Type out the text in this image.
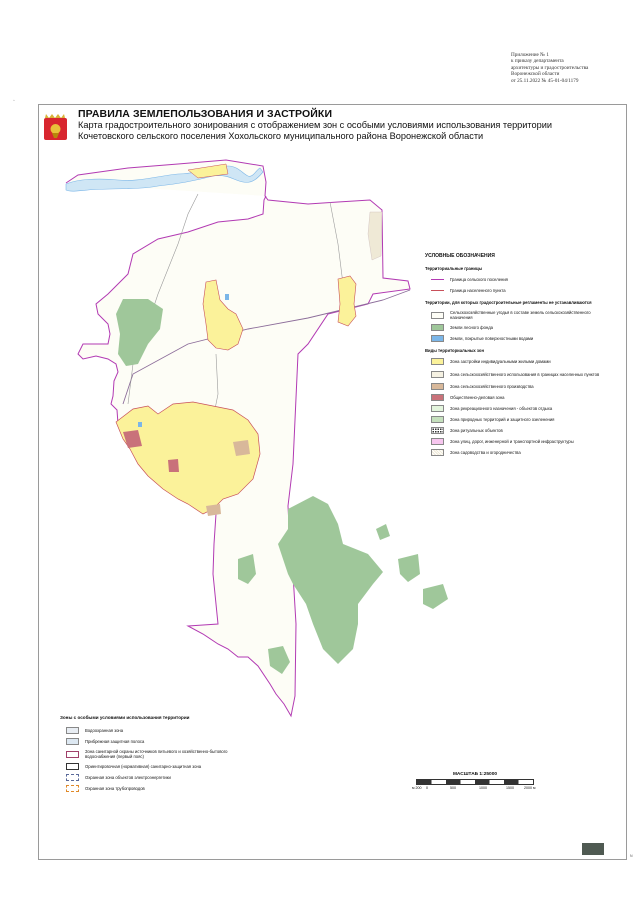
◦
Приложение № 1
к приказу департамента
архитектуры и градостроительства
Воронежской области
от 25.11.2022 № 45-01-04/1179
ПРАВИЛА ЗЕМЛЕПОЛЬЗОВАНИЯ И ЗАСТРОЙКИ
Карта градостроительного зонирования с отображением зон с особыми условиями использования территории
Кочетовского сельского поселения Хохольского муниципального района Воронежской области
УСЛОВНЫЕ ОБОЗНАЧЕНИЯ
Территориальные границы
Граница сельского поселения
Граница населенного пункта
Территории, для которых градостроительные регламенты не устанавливаются
Сельскохозяйственные угодья в составе земель сельскохозяйственного назначения
Земли лесного фонда
Земли, покрытые поверхностными водами
Виды территориальных зон
Зона застройки индивидуальными жилыми домами
Зона сельскохозяйственного использования в границах населенных пунктов
Зона сельскохозяйственного производства
Общественно-деловая зона
Зона рекреационного назначения - объектов отдыха
Зона природных территорий и защитного озеленения
Зона ритуальных объектов
Зона улиц, дорог, инженерной и транспортной инфраструктуры
Зона садоводства и огородничества
Зоны с особыми условиями использования территории
Водоохранная зона
Прибрежная защитная полоса
Зона санитарной охраны источников питьевого и хозяйственно-бытового водоснабжения (первый пояс)
Ориентировочная (нормативная) санитарно-защитная зона
Охранная зона объектов электроэнергетики
Охранная зона трубопроводов
МАСШТАБ 1:25000
м 200 0	500	1000	1500	2000 м
N
